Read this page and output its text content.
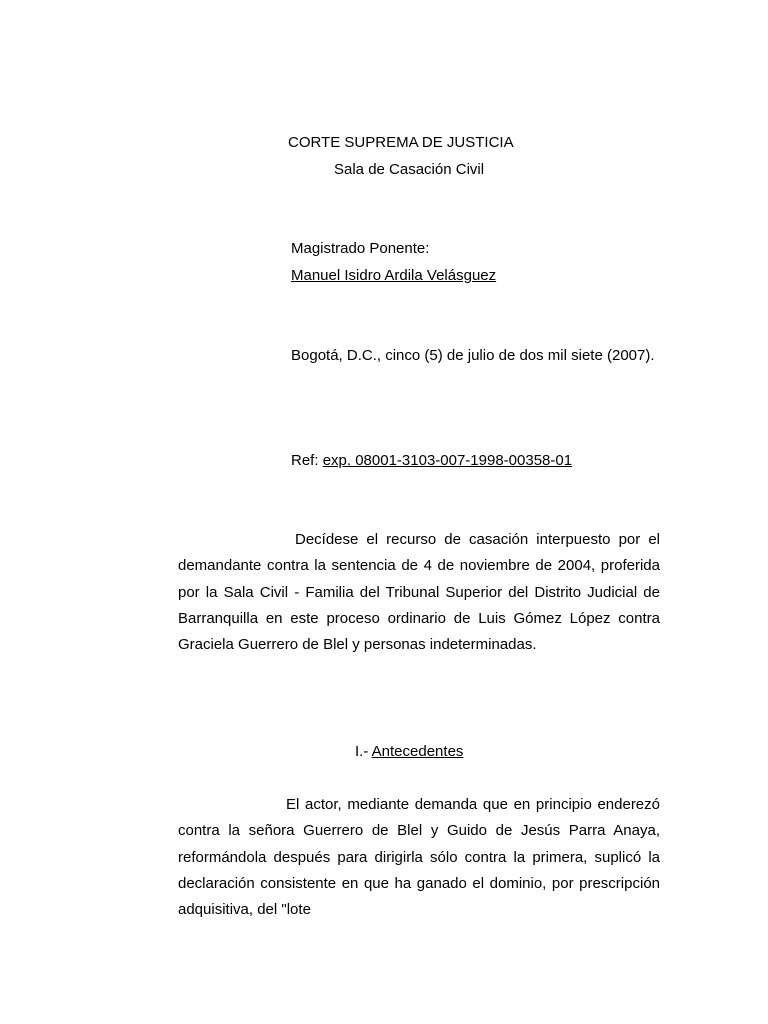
CORTE SUPREMA DE JUSTICIA
Sala de Casación Civil
Magistrado Ponente:
Manuel Isidro Ardila Velásguez
Bogotá, D.C., cinco (5) de julio de dos mil siete (2007).
Ref: exp. 08001-3103-007-1998-00358-01
Decídese el recurso de casación interpuesto por el demandante contra la sentencia de 4 de noviembre de 2004, proferida por la Sala Civil - Familia del Tribunal Superior del Distrito Judicial de Barranquilla en este proceso ordinario de Luis Gómez López contra Graciela Guerrero de Blel y personas indeterminadas.
I.- Antecedentes
El actor, mediante demanda que en principio enderezó contra la señora Guerrero de Blel y Guido de Jesús Parra Anaya, reformándola después para dirigirla sólo contra la primera, suplicó la declaración consistente en que ha ganado el dominio, por prescripción adquisitiva, del "lote
